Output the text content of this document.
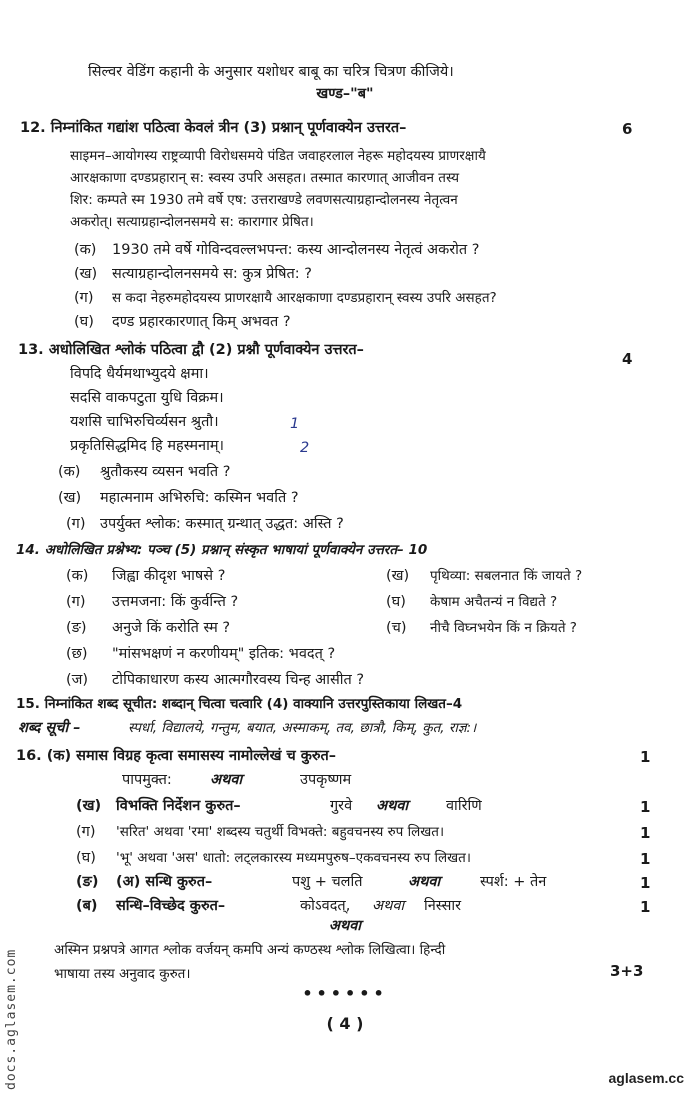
सिल्वर वेडिंग कहानी के अनुसार यशोधर बाबू का चरित्र चित्रण कीजिये।
खण्ड–"ब"
12. निम्नांकित गद्यांश पठित्वा केवलं त्रीन (3) प्रश्नान् पूर्णवाक्येन उत्तरत–	6
साइमन–आयोगस्य राष्ट्रव्यापी विरोधसमये पंडित जवाहरलाल नेहरू महोदयस्य प्राणरक्षायै
आरक्षकाणा दण्डप्रहारान् स: स्वस्य उपरि असहत। तस्मात कारणात् आजीवन तस्य
शिर: कम्पते स्म 1930 तमे वर्षे एष: उत्तराखण्डे लवणसत्याग्रहान्दोलनस्य नेतृत्वन
अकरोत्। सत्याग्रहान्दोलनसमये स: कारागार प्रेषित।
(क) 1930 तमे वर्षे गोविन्दवल्लभपन्त: कस्य आन्दोलनस्य नेतृत्वं अकरोत ?
(ख) सत्याग्रहान्दोलनसमये स: कुत्र प्रेषित: ?
(ग) स कदा नेहरुमहोदयस्य प्राणरक्षायै आरक्षकाणा दण्डप्रहारान् स्वस्य उपरि असहत?
(घ) दण्ड प्रहारकारणात् किम् अभवत ?
13. अधोलिखित श्लोकं पठित्वा द्वौ (2) प्रश्नौ पूर्णवाक्येन उत्तरत–	4
विपदि धैर्यमथाभ्युदये क्षमा।
सदसि वाकपटुता युधि विक्रम।
यशसि चाभिरुचिर्व्यसन श्रुतौ।	1
प्रकृतिसिद्धमिद हि महस्मनाम्।	2
(क) श्रुतौकस्य व्यसन भवति ?
(ख) महात्मनाम अभिरुचि: कस्मिन भवति ?
(ग) उपर्युक्त श्लोक: कस्मात् ग्रन्थात् उद्धत: अस्ति ?
14. अधोलिखित प्रश्नेभ्य: पञ्च (5) प्रश्नान् संस्कृत भाषायां पूर्णवाक्येन उत्तरत– 10
(क) जिह्वा कीदृश भाषसे ?	(ख) पृथिव्या: सबलनात किं जायते ?
(ग) उत्तमजना: किं कुर्वन्ति ?	(घ) केषाम अचैतन्यं न विद्यते ?
(ङ) अनुजे किं करोति स्म ?	(च) नीचै विघ्नभयेन किं न क्रियते ?
(छ) "मांसभक्षणं न करणीयम्" इतिक: भवदत् ?
(ज) टोपिकाधारण कस्य आत्मगौरवस्य चिन्ह आसीत ?
15. निम्नांकित शब्द सूचीत: शब्दान् चित्वा चत्वारि (4) वाक्यानि उत्तरपुस्तिकाया लिखत–4
शब्द सूची –	स्पर्धा, विद्यालये, गन्तुम, बयात, अस्माकम्, तव, छात्रौ, किम्, कुत, राज्ञ:।
16. (क) समास विग्रह कृत्वा समासस्य नामोल्लेखं च कुरुत–	1
पापमुक्त:	अथवा	उपकृष्णम
(ख) विभक्ति निर्देशन कुरुत–	गुरवे अथवा	वारिणि	1
(ग) 'सरित' अथवा 'रमा' शब्दस्य चतुर्थी विभक्ते: बहुवचनस्य रुप लिखत।	1
(घ) 'भू' अथवा 'अस' धातो: लट्लकारस्य मध्यमपुरुष–एकवचनस्य रुप लिखत।	1
(ङ) (अ) सन्धि कुरुत–	पशु + चलति	अथवा	स्पर्श: + तेन	1
(ब) सन्धि–विच्छेद कुरुत–	कोऽवदत्, अथवा निस्सार	1
अथवा
अस्मिन प्रश्नपत्रे आगत श्लोक वर्जयन् कमपि अन्यं कण्ठस्थ श्लोक लिखित्वा। हिन्दी
भाषाया तस्य अनुवाद कुरुत।	3+3
••••••
( 4 )
docs.aglasem.com	aglasem.cc
